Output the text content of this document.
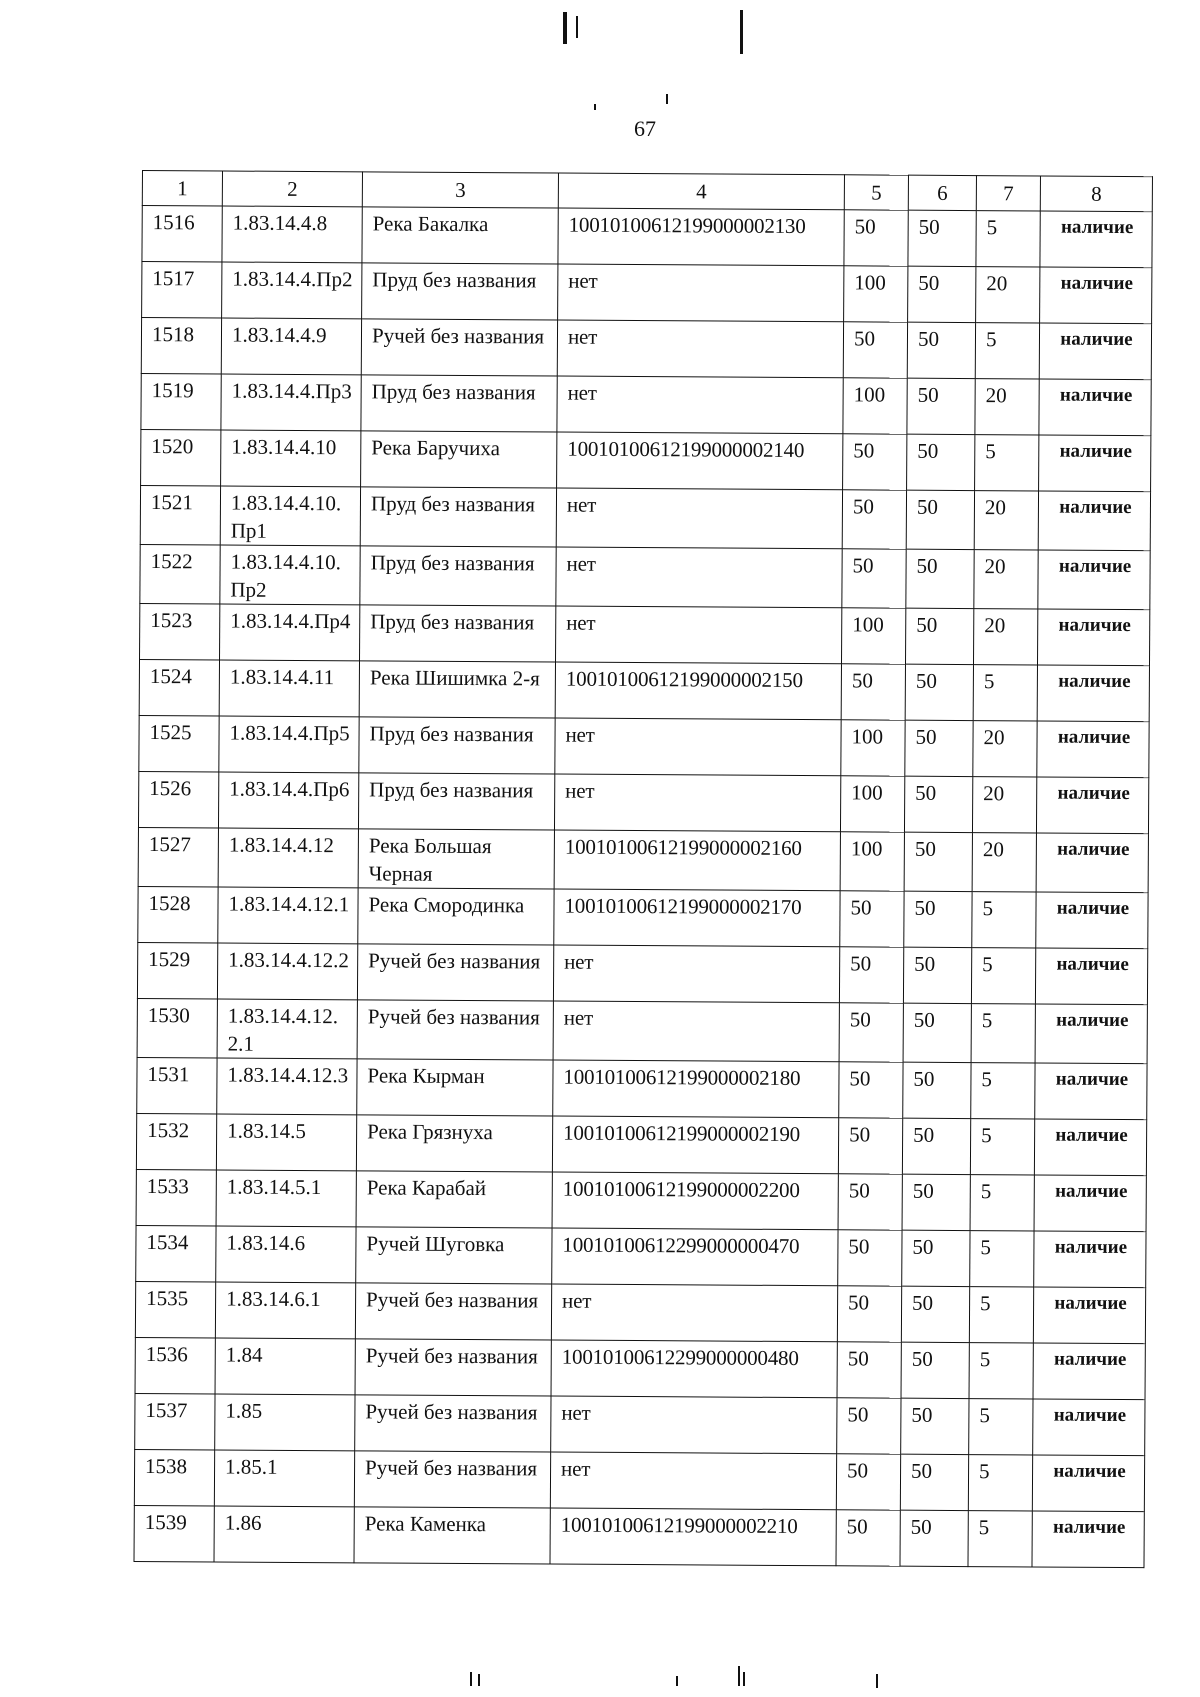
67
1	2	3	4	5	6	7	8
1516	1.83.14.4.8	Река Бакалка	10010100612199000002130	50	50	5	наличие
1517	1.83.14.4.Пр2	Пруд без названия	нет	100	50	20	наличие
1518	1.83.14.4.9	Ручей без названия	нет	50	50	5	наличие
1519	1.83.14.4.Пр3	Пруд без названия	нет	100	50	20	наличие
1520	1.83.14.4.10	Река Баручиха	10010100612199000002140	50	50	5	наличие
1521	1.83.14.4.10.Пр1	Пруд без названия	нет	50	50	20	наличие
1522	1.83.14.4.10.Пр2	Пруд без названия	нет	50	50	20	наличие
1523	1.83.14.4.Пр4	Пруд без названия	нет	100	50	20	наличие
1524	1.83.14.4.11	Река Шишимка 2-я	10010100612199000002150	50	50	5	наличие
1525	1.83.14.4.Пр5	Пруд без названия	нет	100	50	20	наличие
1526	1.83.14.4.Пр6	Пруд без названия	нет	100	50	20	наличие
1527	1.83.14.4.12	Река Большая Черная	10010100612199000002160	100	50	20	наличие
1528	1.83.14.4.12.1	Река Смородинка	10010100612199000002170	50	50	5	наличие
1529	1.83.14.4.12.2	Ручей без названия	нет	50	50	5	наличие
1530	1.83.14.4.12.2.1	Ручей без названия	нет	50	50	5	наличие
1531	1.83.14.4.12.3	Река Кырман	10010100612199000002180	50	50	5	наличие
1532	1.83.14.5	Река Грязнуха	10010100612199000002190	50	50	5	наличие
1533	1.83.14.5.1	Река Карабай	10010100612199000002200	50	50	5	наличие
1534	1.83.14.6	Ручей Шуговка	10010100612299000000470	50	50	5	наличие
1535	1.83.14.6.1	Ручей без названия	нет	50	50	5	наличие
1536	1.84	Ручей без названия	10010100612299000000480	50	50	5	наличие
1537	1.85	Ручей без названия	нет	50	50	5	наличие
1538	1.85.1	Ручей без названия	нет	50	50	5	наличие
1539	1.86	Река Каменка	10010100612199000002210	50	50	5	наличие
